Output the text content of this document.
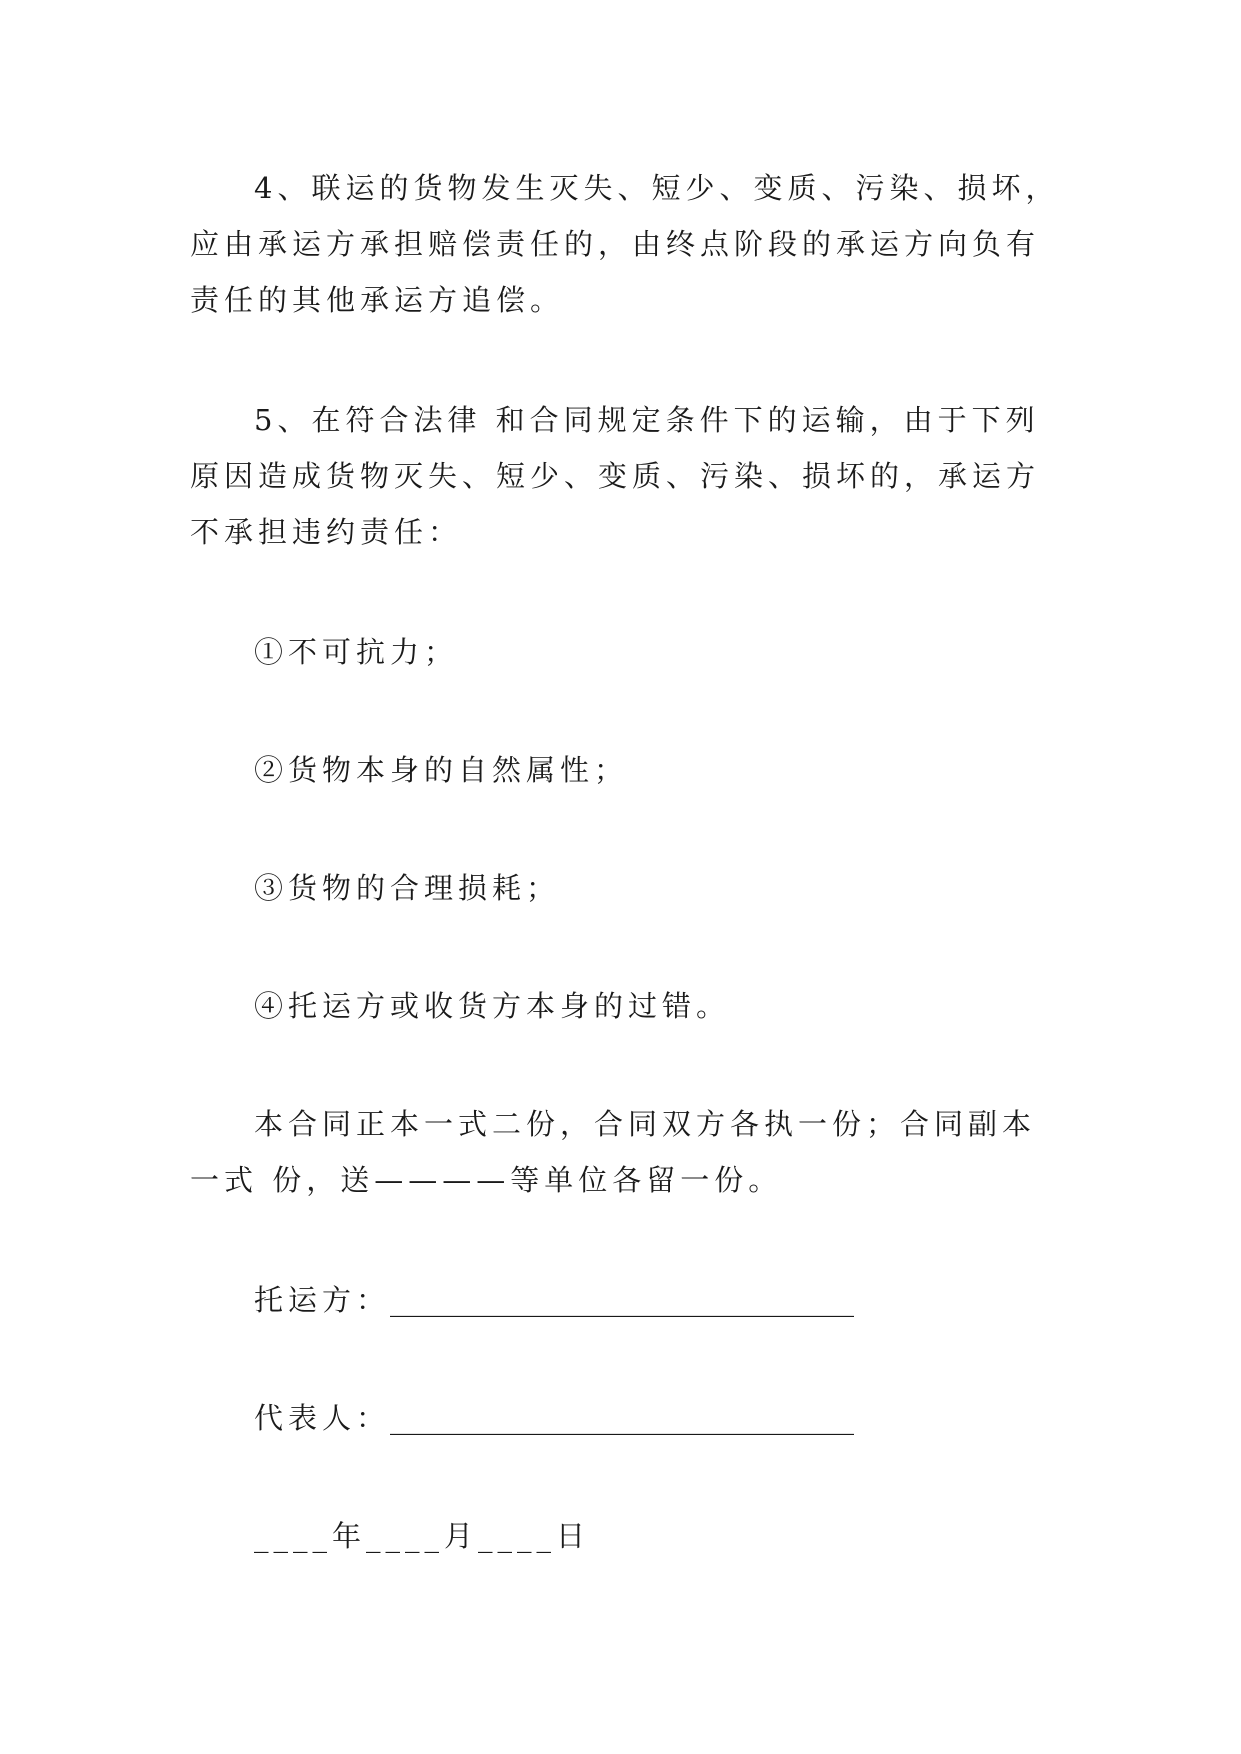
4、联运的货物发生灭失、短少、变质、污染、损坏，应由承运方承担赔偿责任的，由终点阶段的承运方向负有责任的其他承运方追偿。

5、在符合法律 和合同规定条件下的运输，由于下列原因造成货物灭失、短少、变质、污染、损坏的，承运方不承担违约责任：

①不可抗力；

②货物本身的自然属性；

③货物的合理损耗；

④托运方或收货方本身的过错。

本合同正本一式二份，合同双方各执一份；合同副本一式 份，送————等单位各留一份。

托运方：________________________________
代表人：________________________________
____年____月____日
